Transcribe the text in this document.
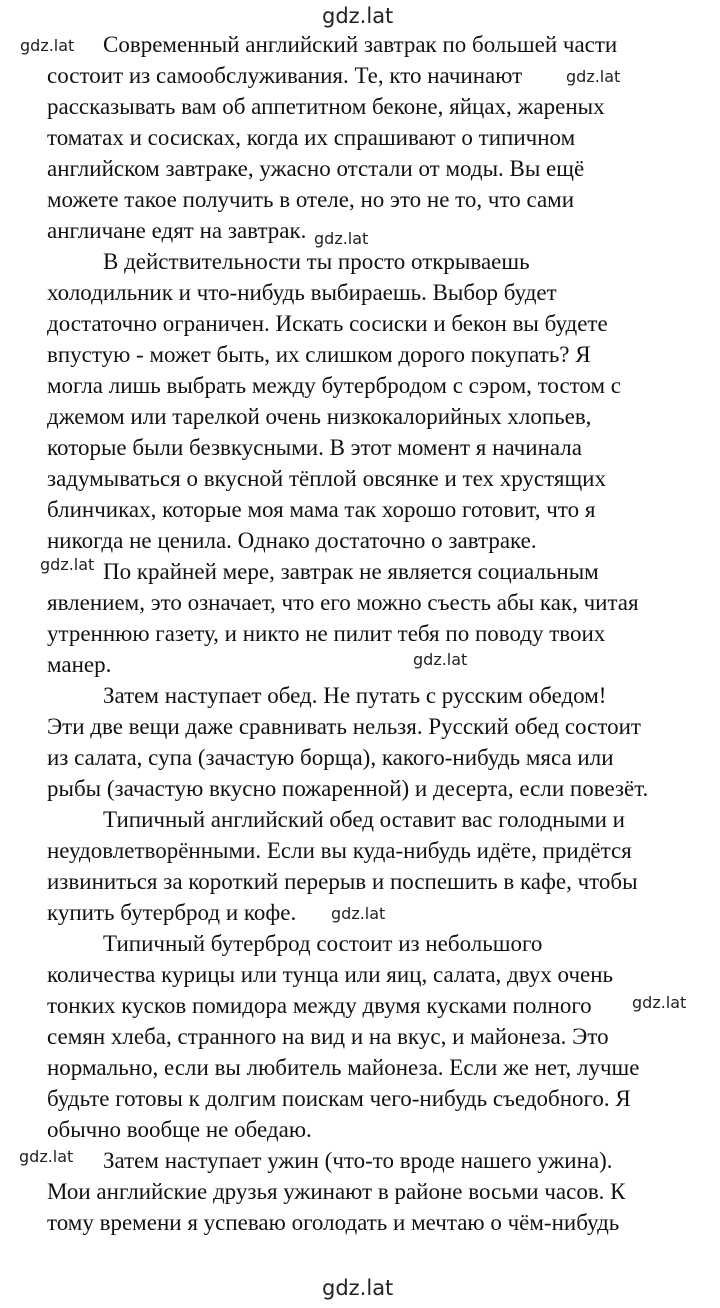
gdz.lat
gdz.lat
gdz.lat
gdz.lat
gdz.lat
gdz.lat
gdz.lat
gdz.lat
gdz.lat
Современный английский завтрак по большей части
состоит из самообслуживания. Те, кто начинают
рассказывать вам об аппетитном беконе, яйцах, жареных
томатах и сосисках, когда их спрашивают о типичном
английском завтраке, ужасно отстали от моды. Вы ещё
можете такое получить в отеле, но это не то, что сами
англичане едят на завтрак.
В действительности ты просто открываешь
холодильник и что-нибудь выбираешь. Выбор будет
достаточно ограничен. Искать сосиски и бекон вы будете
впустую - может быть, их слишком дорого покупать? Я
могла лишь выбрать между бутербродом с сэром, тостом с
джемом или тарелкой очень низкокалорийных хлопьев,
которые были безвкусными. В этот момент я начинала
задумываться о вкусной тёплой овсянке и тех хрустящих
блинчиках, которые моя мама так хорошо готовит, что я
никогда не ценила. Однако достаточно о завтраке.
По крайней мере, завтрак не является социальным
явлением, это означает, что его можно съесть абы как, читая
утреннюю газету, и никто не пилит тебя по поводу твоих
манер.
Затем наступает обед. Не путать с русским обедом!
Эти две вещи даже сравнивать нельзя. Русский обед состоит
из салата, супа (зачастую борща), какого-нибудь мяса или
рыбы (зачастую вкусно пожаренной) и десерта, если повезёт.
Типичный английский обед оставит вас голодными и
неудовлетворёнными. Если вы куда-нибудь идёте, придётся
извиниться за короткий перерыв и поспешить в кафе, чтобы
купить бутерброд и кофе.
Типичный бутерброд состоит из небольшого
количества курицы или тунца или яиц, салата, двух очень
тонких кусков помидора между двумя кусками полного
семян хлеба, странного на вид и на вкус, и майонеза. Это
нормально, если вы любитель майонеза. Если же нет, лучше
будьте готовы к долгим поискам чего-нибудь съедобного. Я
обычно вообще не обедаю.
Затем наступает ужин (что-то вроде нашего ужина).
Мои английские друзья ужинают в районе восьми часов. К
тому времени я успеваю оголодать и мечтаю о чём-нибудь
gdz.lat
